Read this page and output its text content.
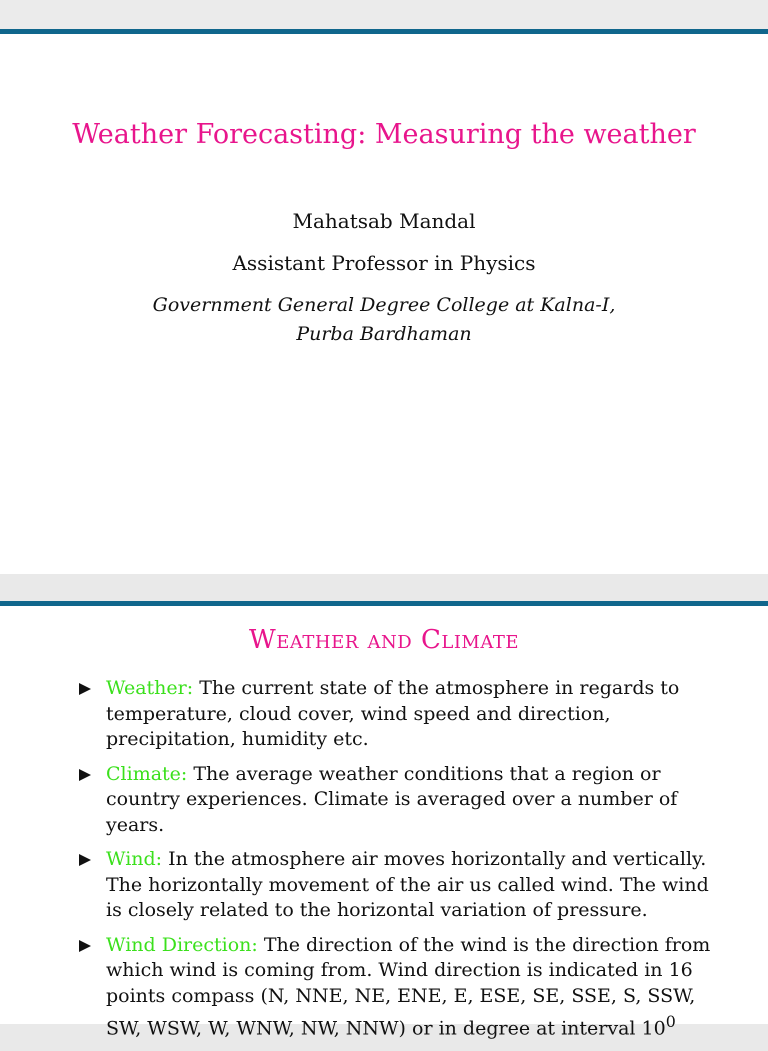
Weather Forecasting: Measuring the weather
Mahatsab Mandal
Assistant Professor in Physics
Government General Degree College at Kalna-I,
Purba Bardhaman
Weather and Climate
Weather: The current state of the atmosphere in regards to temperature, cloud cover, wind speed and direction, precipitation, humidity etc.
Climate: The average weather conditions that a region or country experiences. Climate is averaged over a number of years.
Wind: In the atmosphere air moves horizontally and vertically. The horizontally movement of the air us called wind. The wind is closely related to the horizontal variation of pressure.
Wind Direction: The direction of the wind is the direction from which wind is coming from. Wind direction is indicated in 16 points compass (N, NNE, NE, ENE, E, ESE, SE, SSE, S, SSW, SW, WSW, W, WNW, NW, NNW) or in degree at interval $10^0$
